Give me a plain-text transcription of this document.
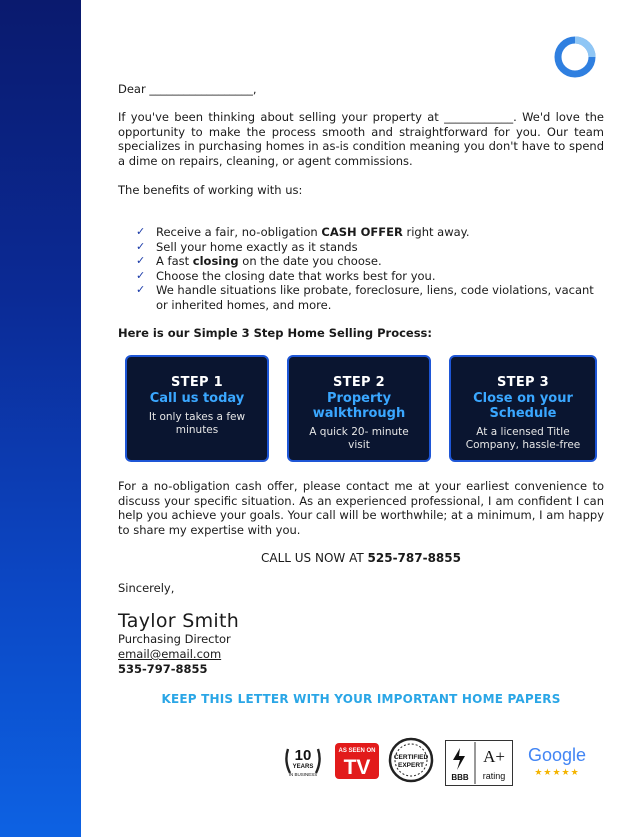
Dear __________________,

If you've been thinking about selling your property at ____________. We'd love the opportunity to make the process smooth and straightforward for you. Our team specializes in purchasing homes in as-is condition meaning you don't have to spend a dime on repairs, cleaning, or agent commissions.

The benefits of working with us:
✓ Receive a fair, no-obligation CASH OFFER right away.
✓ Sell your home exactly as it stands
✓ A fast closing on the date you choose.
✓ Choose the closing date that works best for you.
✓ We handle situations like probate, foreclosure, liens, code violations, vacant or inherited homes, and more.
Here is our Simple 3 Step Home Selling Process:
STEP 1
Call us today
It only takes a few minutes
STEP 2
Property walkthrough
A quick 20- minute visit
STEP 3
Close on your Schedule
At a licensed Title Company, hassle-free

For a no-obligation cash offer, please contact me at your earliest convenience to discuss your specific situation. As an experienced professional, I am confident I can help you achieve your goals. Your call will be worthwhile; at a minimum, I am happy to share my expertise with you.

CALL US NOW AT 525-787-8855
Sincerely,
Taylor Smith
Purchasing Director
email@email.com
535-797-8855
KEEP THIS LETTER WITH YOUR IMPORTANT HOME PAPERS
10
YEARS
IN BUSINESS
AS SEEN ON
TV	CERTIFIED
EXPERT
BBB
A+
rating
Google
★★★★★
